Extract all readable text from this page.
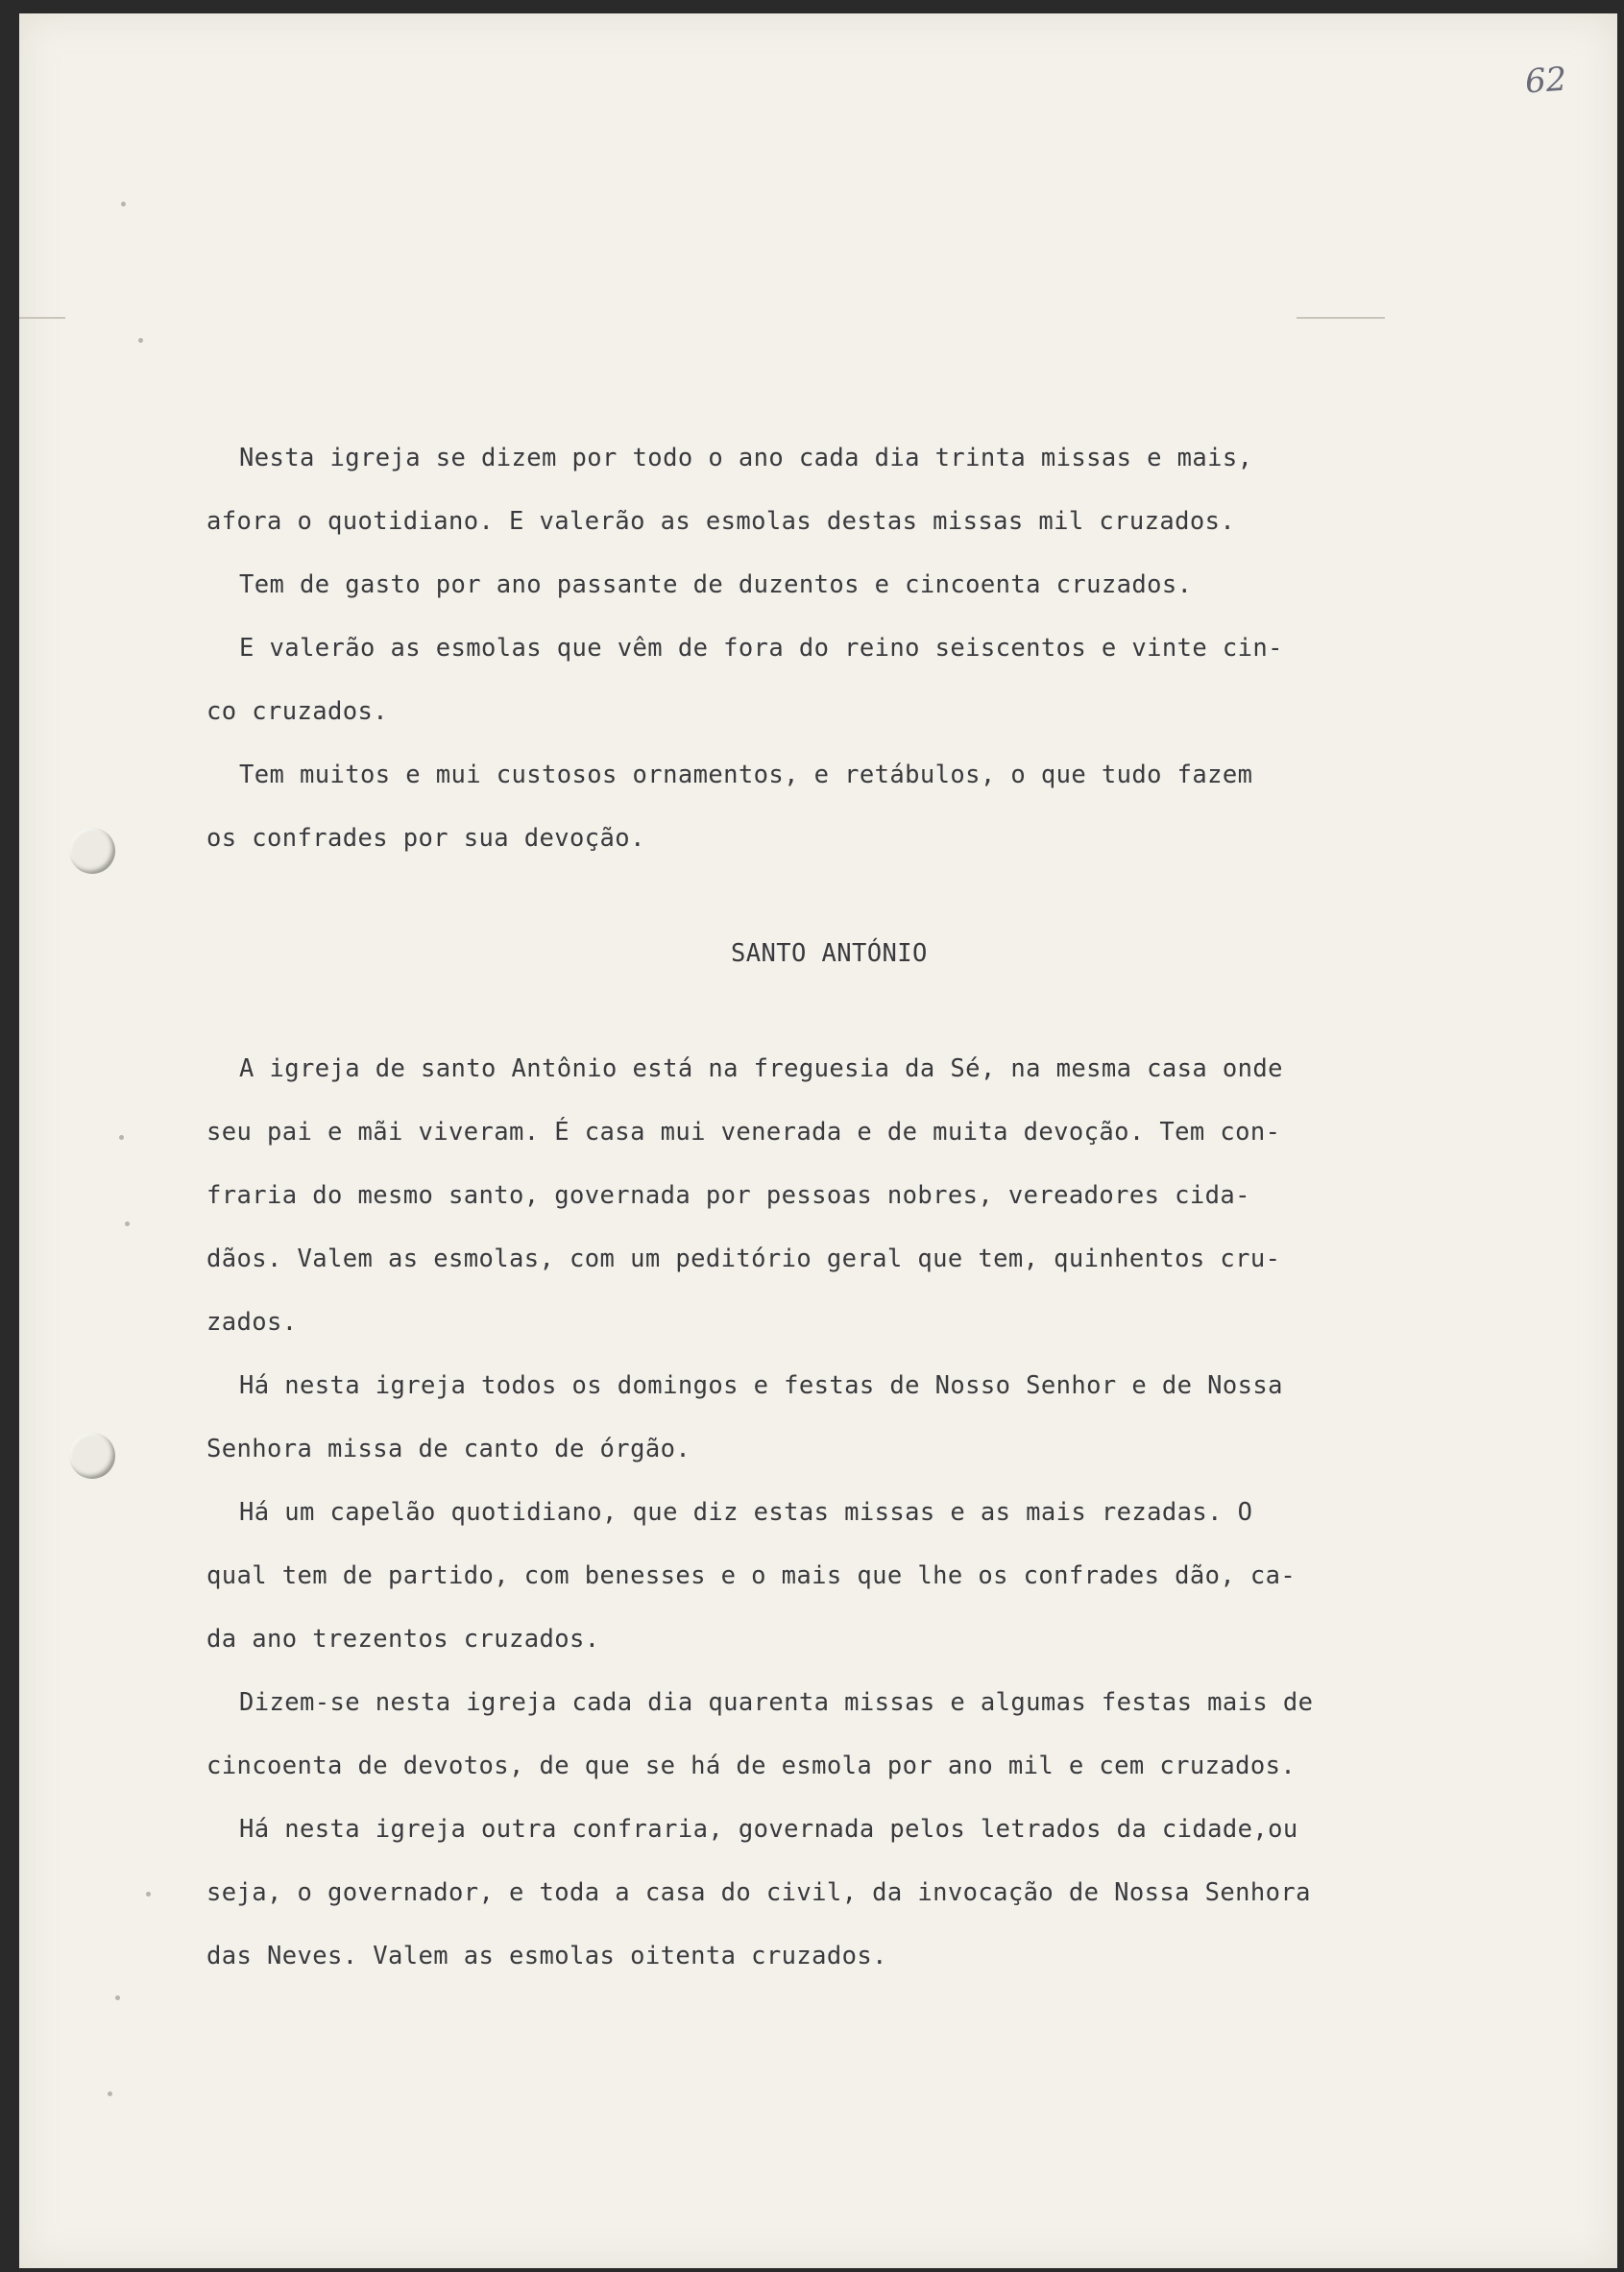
62
Nesta igreja se dizem por todo o ano cada dia trinta missas e mais,
afora o quotidiano. E valerão as esmolas destas missas mil cruzados.
Tem de gasto por ano passante de duzentos e cincoenta cruzados.
E valerão as esmolas que vêm de fora do reino seiscentos e vinte cin-
co cruzados.
Tem muitos e mui custosos ornamentos, e retábulos, o que tudo fazem
os confrades por sua devoção.
SANTO ANTÓNIO
A igreja de santo Antônio está na freguesia da Sé, na mesma casa onde
seu pai e mãi viveram. É casa mui venerada e de muita devoção. Tem con-
fraria do mesmo santo, governada por pessoas nobres, vereadores cida-
dãos. Valem as esmolas, com um peditório geral que tem, quinhentos cru-
zados.
Há nesta igreja todos os domingos e festas de Nosso Senhor e de Nossa
Senhora missa de canto de órgão.
Há um capelão quotidiano, que diz estas missas e as mais rezadas. O
qual tem de partido, com benesses e o mais que lhe os confrades dão, ca-
da ano trezentos cruzados.
Dizem-se nesta igreja cada dia quarenta missas e algumas festas mais de
cincoenta de devotos, de que se há de esmola por ano mil e cem cruzados.
Há nesta igreja outra confraria, governada pelos letrados da cidade,ou
seja, o governador, e toda a casa do civil, da invocação de Nossa Senhora
das Neves. Valem as esmolas oitenta cruzados.
